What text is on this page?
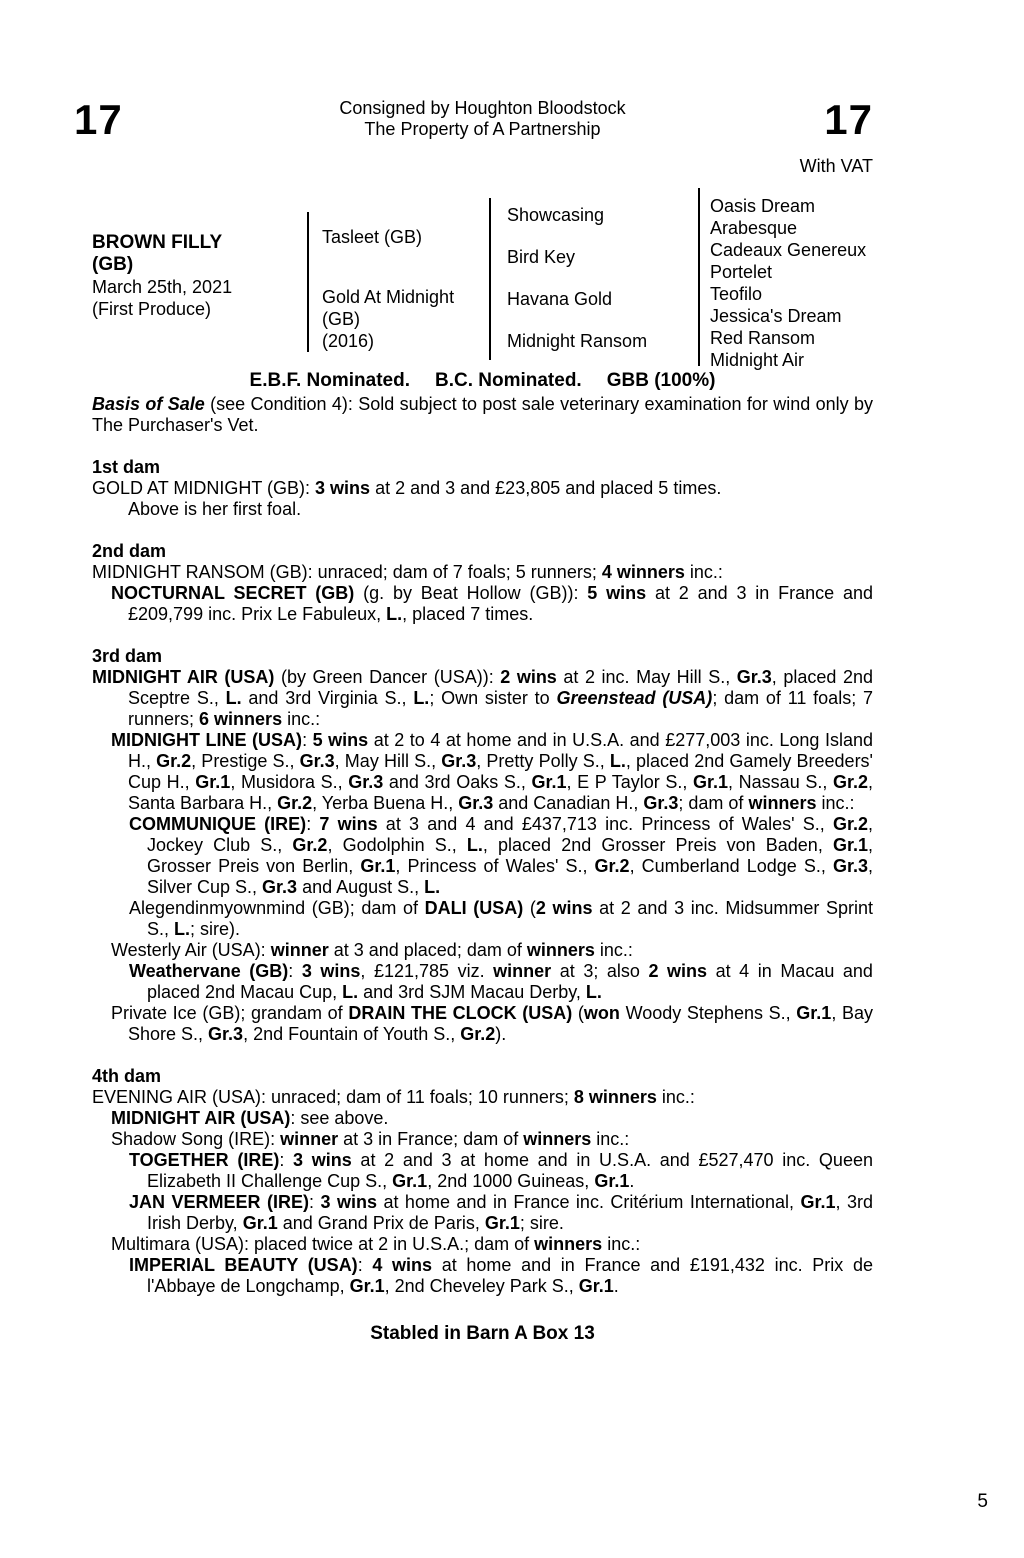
17	Consigned by Houghton Bloodstock
The Property of A Partnership	17
With VAT
BROWN FILLY
(GB)
March 25th, 2021
(First Produce)
Tasleet (GB)
Gold At Midnight
(GB)
(2016)
Showcasing
Bird Key
Havana Gold
Midnight Ransom
Oasis Dream
Arabesque
Cadeaux Genereux
Portelet
Teofilo
Jessica's Dream
Red Ransom
Midnight Air
E.B.F. Nominated. B.C. Nominated. GBB (100%)
Basis of Sale (see Condition 4): Sold subject to post sale veterinary examination for wind only by The Purchaser's Vet.
1st dam

GOLD AT MIDNIGHT (GB): 3 wins at 2 and 3 and £23,805 and placed 5 times.

Above is her first foal.

2nd dam

MIDNIGHT RANSOM (GB): unraced; dam of 7 foals; 5 runners; 4 winners inc.:

NOCTURNAL SECRET (GB) (g. by Beat Hollow (GB)): 5 wins at 2 and 3 in France and £209,799 inc. Prix Le Fabuleux, L., placed 7 times.

3rd dam

MIDNIGHT AIR (USA) (by Green Dancer (USA)): 2 wins at 2 inc. May Hill S., Gr.3, placed 2nd Sceptre S., L. and 3rd Virginia S., L.; Own sister to Greenstead (USA); dam of 11 foals; 7 runners; 6 winners inc.:

MIDNIGHT LINE (USA): 5 wins at 2 to 4 at home and in U.S.A. and £277,003 inc. Long Island H., Gr.2, Prestige S., Gr.3, May Hill S., Gr.3, Pretty Polly S., L., placed 2nd Gamely Breeders' Cup H., Gr.1, Musidora S., Gr.3 and 3rd Oaks S., Gr.1, E P Taylor S., Gr.1, Nassau S., Gr.2, Santa Barbara H., Gr.2, Yerba Buena H., Gr.3 and Canadian H., Gr.3; dam of winners inc.:

COMMUNIQUE (IRE): 7 wins at 3 and 4 and £437,713 inc. Princess of Wales' S., Gr.2, Jockey Club S., Gr.2, Godolphin S., L., placed 2nd Grosser Preis von Baden, Gr.1, Grosser Preis von Berlin, Gr.1, Princess of Wales' S., Gr.2, Cumberland Lodge S., Gr.3, Silver Cup S., Gr.3 and August S., L.

Alegendinmyownmind (GB); dam of DALI (USA) (2 wins at 2 and 3 inc. Midsummer Sprint S., L.; sire).

Westerly Air (USA): winner at 3 and placed; dam of winners inc.:

Weathervane (GB): 3 wins, £121,785 viz. winner at 3; also 2 wins at 4 in Macau and placed 2nd Macau Cup, L. and 3rd SJM Macau Derby, L.

Private Ice (GB); grandam of DRAIN THE CLOCK (USA) (won Woody Stephens S., Gr.1, Bay Shore S., Gr.3, 2nd Fountain of Youth S., Gr.2).

4th dam

EVENING AIR (USA): unraced; dam of 11 foals; 10 runners; 8 winners inc.:

MIDNIGHT AIR (USA): see above.

Shadow Song (IRE): winner at 3 in France; dam of winners inc.:

TOGETHER (IRE): 3 wins at 2 and 3 at home and in U.S.A. and £527,470 inc. Queen Elizabeth II Challenge Cup S., Gr.1, 2nd 1000 Guineas, Gr.1.

JAN VERMEER (IRE): 3 wins at home and in France inc. Critérium International, Gr.1, 3rd Irish Derby, Gr.1 and Grand Prix de Paris, Gr.1; sire.

Multimara (USA): placed twice at 2 in U.S.A.; dam of winners inc.:

IMPERIAL BEAUTY (USA): 4 wins at home and in France and £191,432 inc. Prix de l'Abbaye de Longchamp, Gr.1, 2nd Cheveley Park S., Gr.1.

Stabled in Barn A Box 13
5
